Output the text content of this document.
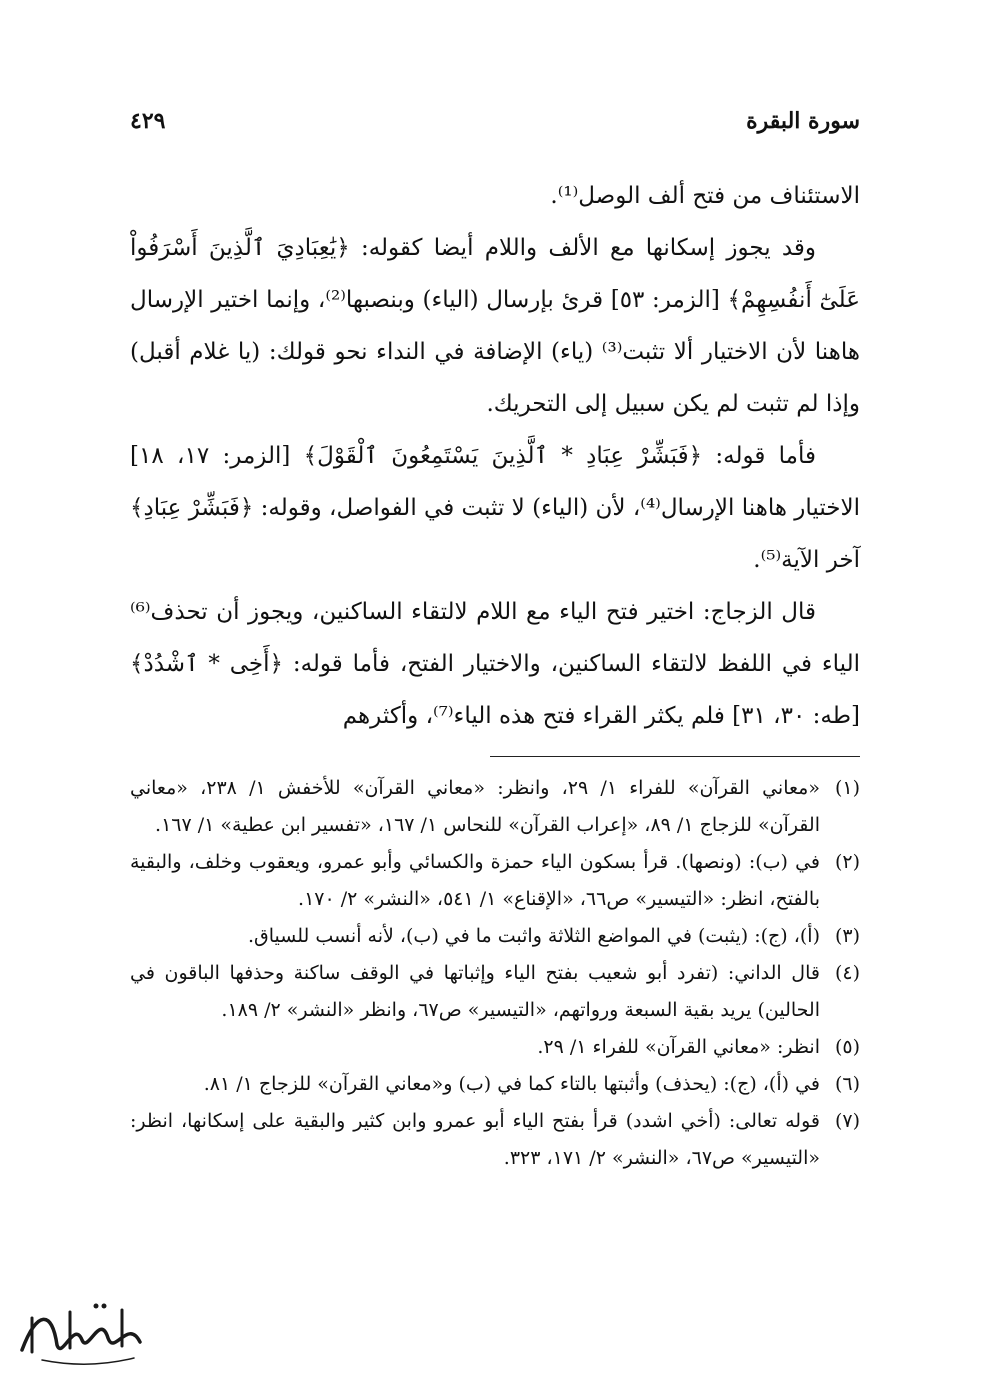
سورة البقرة
٤٢٩

الاستئناف من فتح ألف الوصل⁽¹⁾.

وقد يجوز إسكانها مع الألف واللام أيضا كقوله: ﴿يَٰعِبَادِيَ ٱلَّذِينَ أَسْرَفُواْ عَلَىٰٓ أَنفُسِهِمْ﴾ [الزمر: ٥٣] قرئ بإرسال (الياء) وبنصبها⁽²⁾، وإنما اختير الإرسال هاهنا لأن الاختيار ألا تثبت⁽³⁾ (ياء) الإضافة في النداء نحو قولك: (يا غلام أقبل) وإذا لم تثبت لم يكن سبيل إلى التحريك.

فأما قوله: ﴿فَبَشِّرْ عِبَادِ * ٱلَّذِينَ يَسْتَمِعُونَ ٱلْقَوْلَ﴾ [الزمر: ١٧، ١٨] الاختيار هاهنا الإرسال⁽⁴⁾، لأن (الياء) لا تثبت في الفواصل، وقوله: ﴿فَبَشِّرْ عِبَادِ﴾ آخر الآية⁽⁵⁾.

قال الزجاج: اختير فتح الياء مع اللام لالتقاء الساكنين، ويجوز أن تحذف⁽⁶⁾ الياء في اللفظ لالتقاء الساكنين، والاختيار الفتح، فأما قوله: ﴿أَخِى * ٱشْدُدْ﴾ [طه: ٣٠، ٣١] فلم يكثر القراء فتح هذه الياء⁽⁷⁾، وأكثرهم

(١)
«معاني القرآن» للفراء ١/ ٢٩، وانظر: «معاني القرآن» للأخفش ١/ ٢٣٨، «معاني القرآن» للزجاج ١/ ٨٩، «إعراب القرآن» للنحاس ١/ ١٦٧، «تفسير ابن عطية» ١/ ١٦٧.
(٢)
في (ب): (ونصها). قرأ بسكون الياء حمزة والكسائي وأبو عمرو، ويعقوب وخلف، والبقية بالفتح، انظر: «التيسير» ص٦٦، «الإقناع» ١/ ٥٤١، «النشر» ٢/ ١٧٠.
(٣)
(أ)، (ج): (يثبت) في المواضع الثلاثة واثبت ما في (ب)، لأنه أنسب للسياق.
(٤)
قال الداني: (تفرد أبو شعيب بفتح الياء وإثباتها في الوقف ساكنة وحذفها الباقون في الحالين) يريد بقية السبعة ورواتهم، «التيسير» ص٦٧، وانظر «النشر» ٢/ ١٨٩.
(٥)
انظر: «معاني القرآن» للفراء ١/ ٢٩.
(٦)
في (أ)، (ج): (يحذف) وأثبتها بالتاء كما في (ب) و«معاني القرآن» للزجاج ١/ ٨١.
(٧)
قوله تعالى: (أخي اشدد) قرأ بفتح الياء أبو عمرو وابن كثير والبقية على إسكانها، انظر: «التيسير» ص٦٧، «النشر» ٢/ ١٧١، ٣٢٣.
